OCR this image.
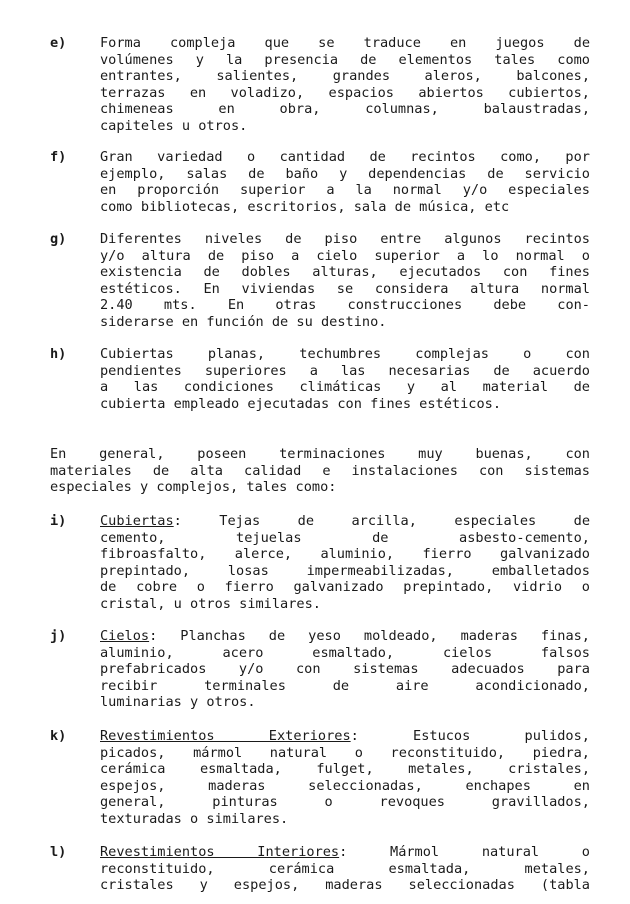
e)	Forma compleja que se traduce en juegos de
volúmenes y la presencia de elementos tales como
entrantes, salientes, grandes aleros, balcones,
terrazas en voladizo, espacios abiertos cubiertos,
chimeneas en obra, columnas, balaustradas,
capiteles u otros.
f)	Gran variedad o cantidad de recintos como, por
ejemplo, salas de baño y dependencias de servicio
en proporción superior a la normal y/o especiales
como bibliotecas, escritorios, sala de música, etc
g)	Diferentes niveles de piso entre algunos recintos
y/o altura de piso a cielo superior a lo normal o
existencia de dobles alturas, ejecutados con fines
estéticos. En viviendas se considera altura normal
2.40 mts. En otras construcciones debe con-
siderarse en función de su destino.
h)	Cubiertas planas, techumbres complejas o con
pendientes superiores a las necesarias de acuerdo
a las condiciones climáticas y al material de
cubierta empleado ejecutadas con fines estéticos.
En general, poseen terminaciones muy buenas, con
materiales de alta calidad e instalaciones con sistemas
especiales y complejos, tales como:
i)	Cubiertas: Tejas de arcilla, especiales de
cemento, tejuelas de asbesto-cemento,
fibroasfalto, alerce, aluminio, fierro galvanizado
prepintado, losas impermeabilizadas, emballetados
de cobre o fierro galvanizado prepintado, vidrio o
cristal, u otros similares.
j)	Cielos: Planchas de yeso moldeado, maderas finas,
aluminio, acero esmaltado, cielos falsos
prefabricados y/o con sistemas adecuados para
recibir terminales de aire acondicionado,
luminarias y otros.
k)	Revestimientos Exteriores: Estucos pulidos,
picados, mármol natural o reconstituido, piedra,
cerámica esmaltada, fulget, metales, cristales,
espejos, maderas seleccionadas, enchapes en
general, pinturas o revoques gravillados,
texturadas o similares.
l)	Revestimientos Interiores: Mármol natural o
reconstituido, cerámica esmaltada, metales,
cristales y espejos, maderas seleccionadas (tabla
